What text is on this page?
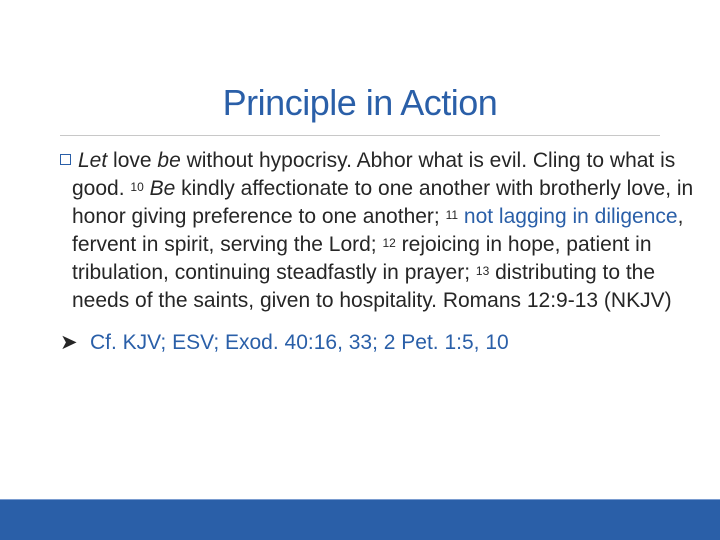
Principle in Action
Let love be without hypocrisy. Abhor what is evil. Cling to what is good. $^{10}$ Be kindly affectionate to one another with brotherly love, in honor giving preference to one another; $^{11}$ not lagging in diligence, fervent in spirit, serving the Lord; $^{12}$ rejoicing in hope, patient in tribulation, continuing steadfastly in prayer; $^{13}$ distributing to the needs of the saints, given to hospitality. Romans 12:9-13 (NKJV)
➤ Cf. KJV; ESV; Exod. 40:16, 33; 2 Pet. 1:5, 10
